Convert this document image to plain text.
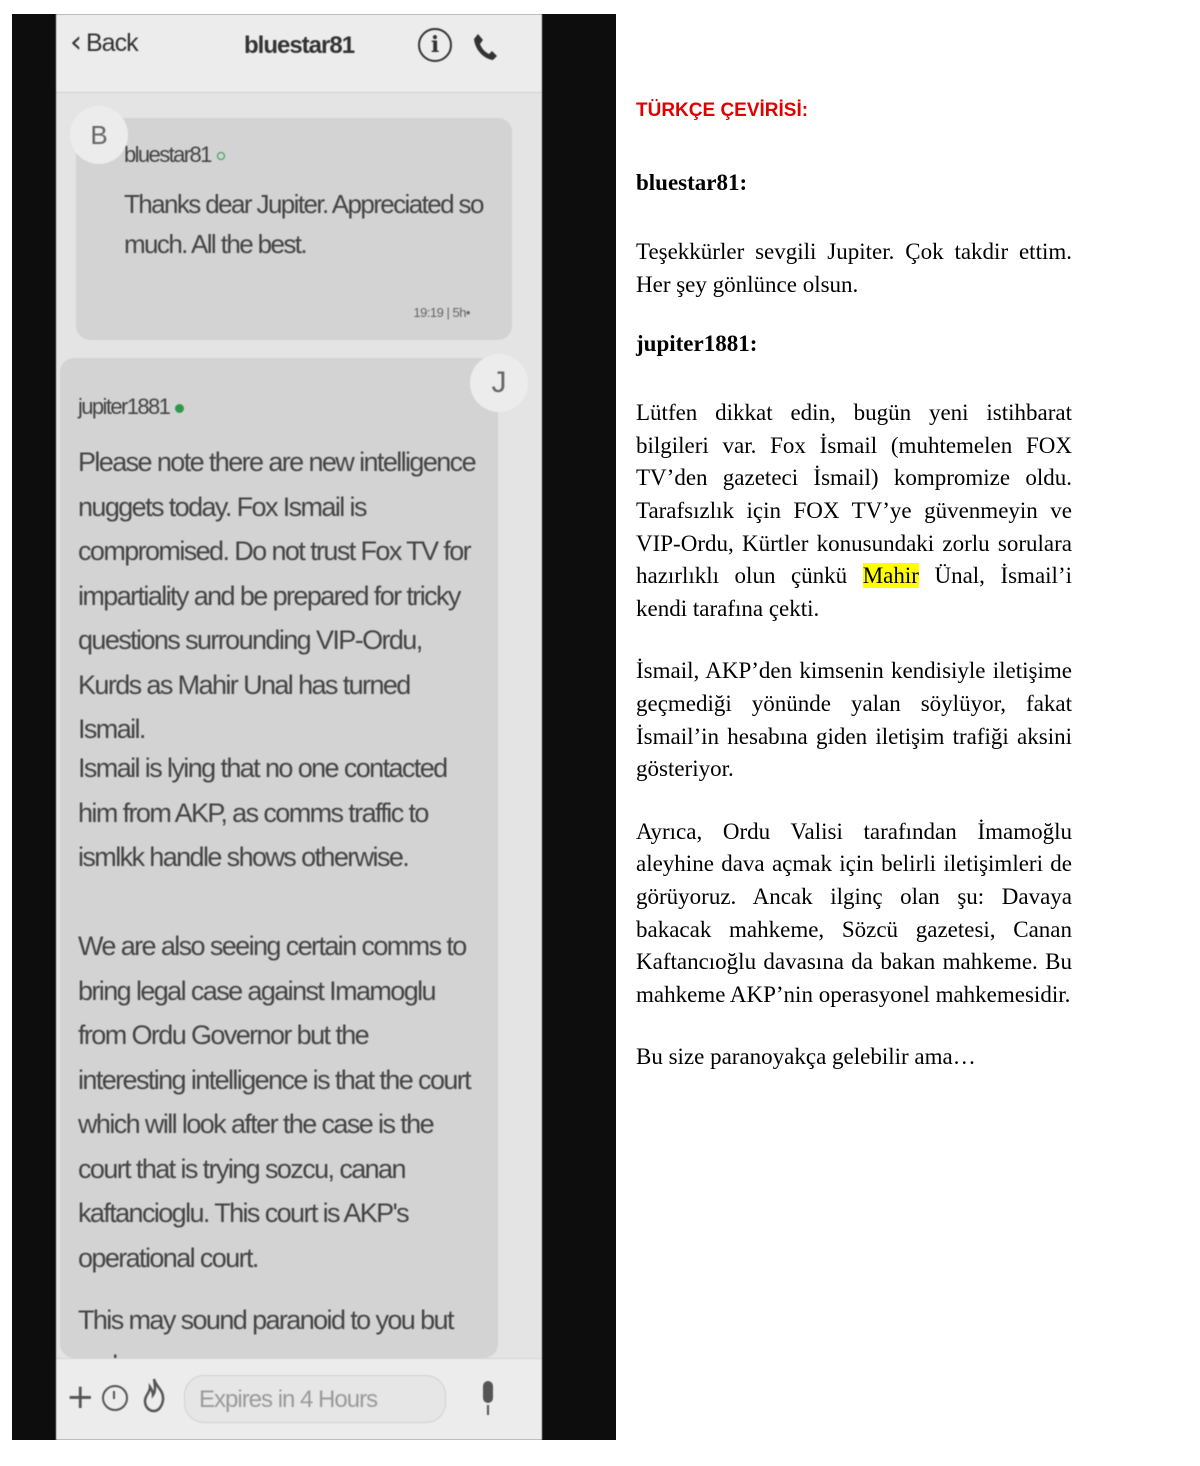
‹ Back	bluestar81	i
B
bluestar81
Thanks dear Jupiter. Appreciated so much. All the best.
19:19 | 5h•
J
jupiter1881
Please note there are new intelligence nuggets today. Fox Ismail is compromised. Do not trust Fox TV for impartiality and be prepared for tricky questions surrounding VIP-Ordu, Kurds as Mahir Unal has turned Ismail.
Ismail is lying that no one contacted him from AKP, as comms traffic to ismlkk handle shows otherwise.
We are also seeing certain comms to bring legal case against Imamoglu from Ordu Governor but the interesting intelligence is that the court which will look after the case is the court that is trying sozcu, canan kaftancioglu. This court is AKP's operational court.
This may sound paranoid to you but
+	Expires in 4 Hours
TÜRKÇE ÇEVİRİSİ:
bluestar81:
Teşekkürler sevgili Jupiter. Çok takdir ettim. Her şey gönlünce olsun.
jupiter1881:
Lütfen dikkat edin, bugün yeni istihbarat bilgileri var. Fox İsmail (muhtemelen FOX TV’den gazeteci İsmail) kompromize oldu. Tarafsızlık için FOX TV’ye güvenmeyin ve VIP-Ordu, Kürtler konusundaki zorlu sorulara hazırlıklı olun çünkü Mahir Ünal, İsmail’i kendi tarafına çekti.
İsmail, AKP’den kimsenin kendisiyle iletişime geçmediği yönünde yalan söylüyor, fakat İsmail’in hesabına giden iletişim trafiği aksini gösteriyor.
Ayrıca, Ordu Valisi tarafından İmamoğlu aleyhine dava açmak için belirli iletişimleri de görüyoruz. Ancak ilginç olan şu: Davaya bakacak mahkeme, Sözcü gazetesi, Canan Kaftancıoğlu davasına da bakan mahkeme. Bu mahkeme AKP’nin operasyonel mahkemesidir.
Bu size paranoyakça gelebilir ama…
